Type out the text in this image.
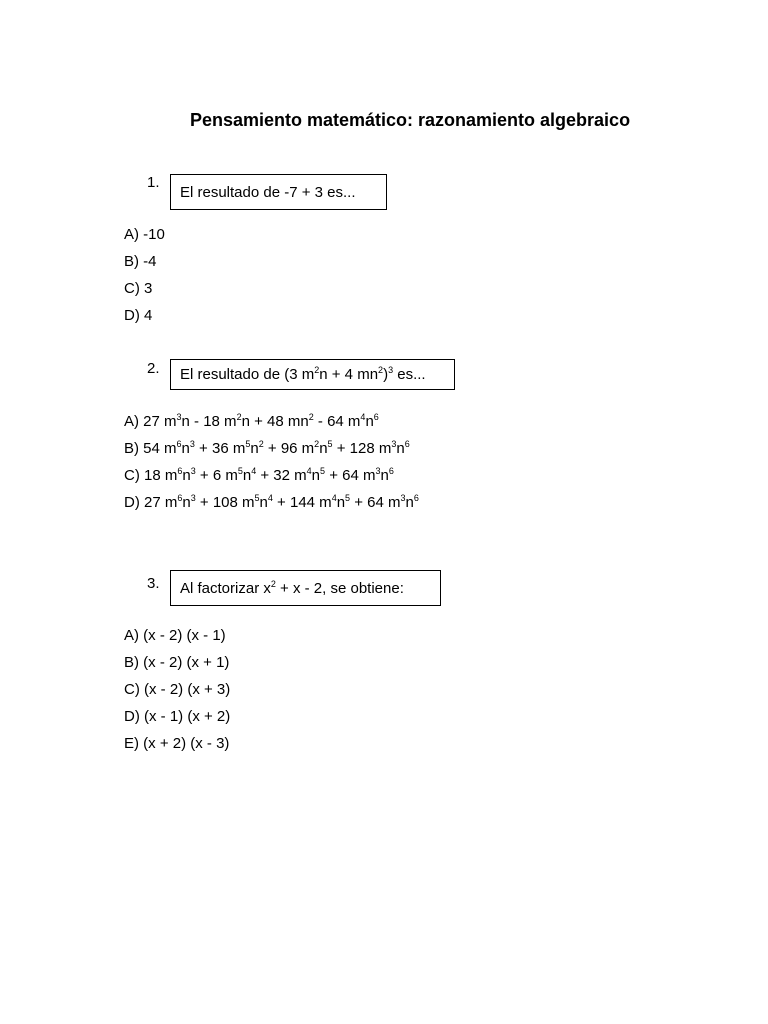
Pensamiento matemático: razonamiento algebraico
1.
El resultado de -7 + 3 es...
A) -10
B) -4
C) 3
D) 4
2. El resultado de (3 $m^2n + 4$ $mn^2)^3$ es...
A) 27 $m^3n - 18$ $m^2n + 48$ $mn^2 - 64$ $m^4n^6$
B) 54 $m^6n^3 + 36$ $m^5n^2 + 96$ $m^2n^5 + 128$ $m^3n^6$
C) 18 $m^6n^3 + 6$ $m^5n^4 + 32$ $m^4n^5 + 64$ $m^3n^6$
D) 27 $m^6n^3 + 108$ $m^5n^4 + 144$ $m^4n^5 + 64$ $m^3n^6$
3. Al factorizar $x^2 + x - 2$, se obtiene:
A) (x - 2) (x - 1)
B) (x - 2) (x + 1)
C) (x - 2) (x + 3)
D) (x - 1) (x + 2)
E) (x + 2) (x - 3)
